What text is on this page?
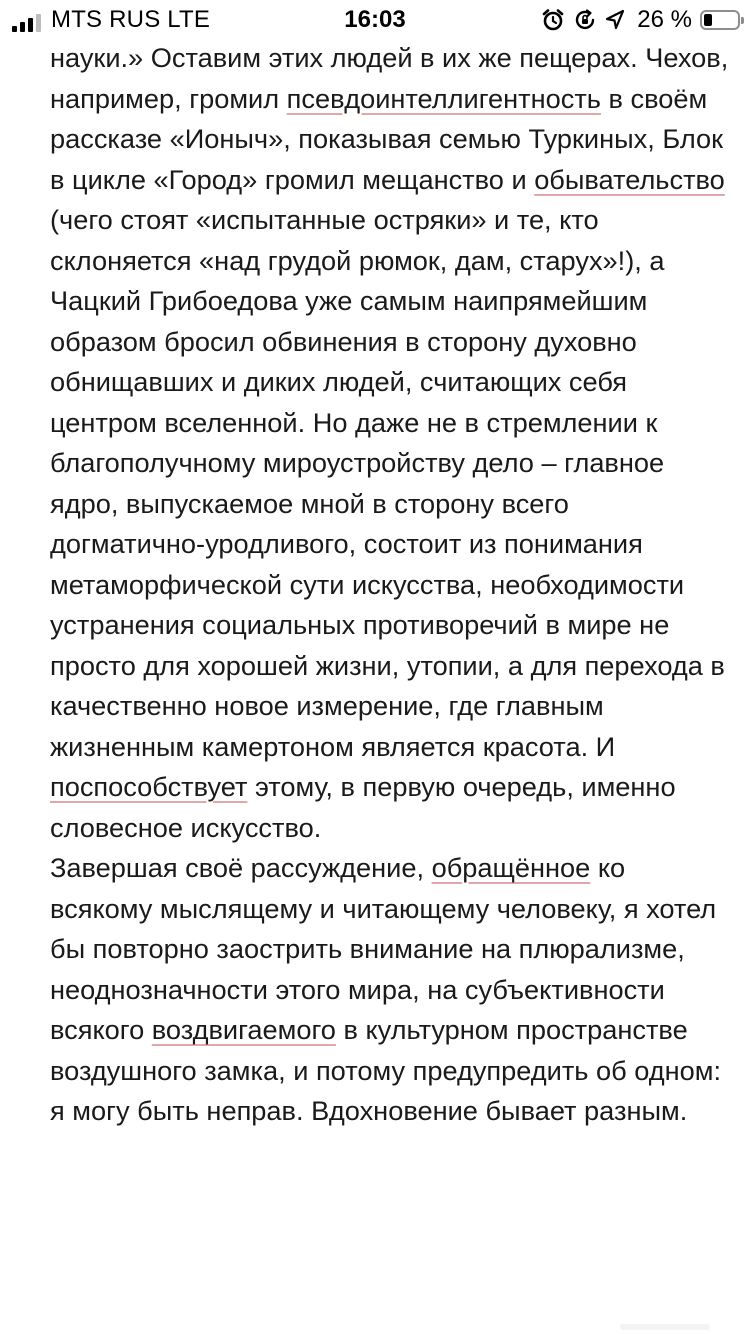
MTS RUS LTE	16:03	26 %

науки.» Оставим этих людей в их же пещерах. Чехов, например, громил псевдоинтеллигентность в своём рассказе «Ионыч», показывая семью Туркиных, Блок в цикле «Город» громил мещанство и обывательство (чего стоят «испытанные остряки» и те, кто склоняется «над грудой рюмок, дам, старух»!), а Чацкий Грибоедова уже самым наипрямейшим образом бросил обвинения в сторону духовно обнищавших и диких людей, считающих себя центром вселенной. Но даже не в стремлении к благополучному мироустройству дело – главное ядро, выпускаемое мной в сторону всего догматично-уродливого, состоит из понимания метаморфической сути искусства, необходимости устранения социальных противоречий в мире не просто для хорошей жизни, утопии, а для перехода в качественно новое измерение, где главным жизненным камертоном является красота. И поспособствует этому, в первую очередь, именно словесное искусство.

Завершая своё рассуждение, обращённое ко всякому мыслящему и читающему человеку, я хотел бы повторно заострить внимание на плюрализме, неоднозначности этого мира, на субъективности всякого воздвигаемого в культурном пространстве воздушного замка, и потому предупредить об одном: я могу быть неправ. Вдохновение бывает разным.
